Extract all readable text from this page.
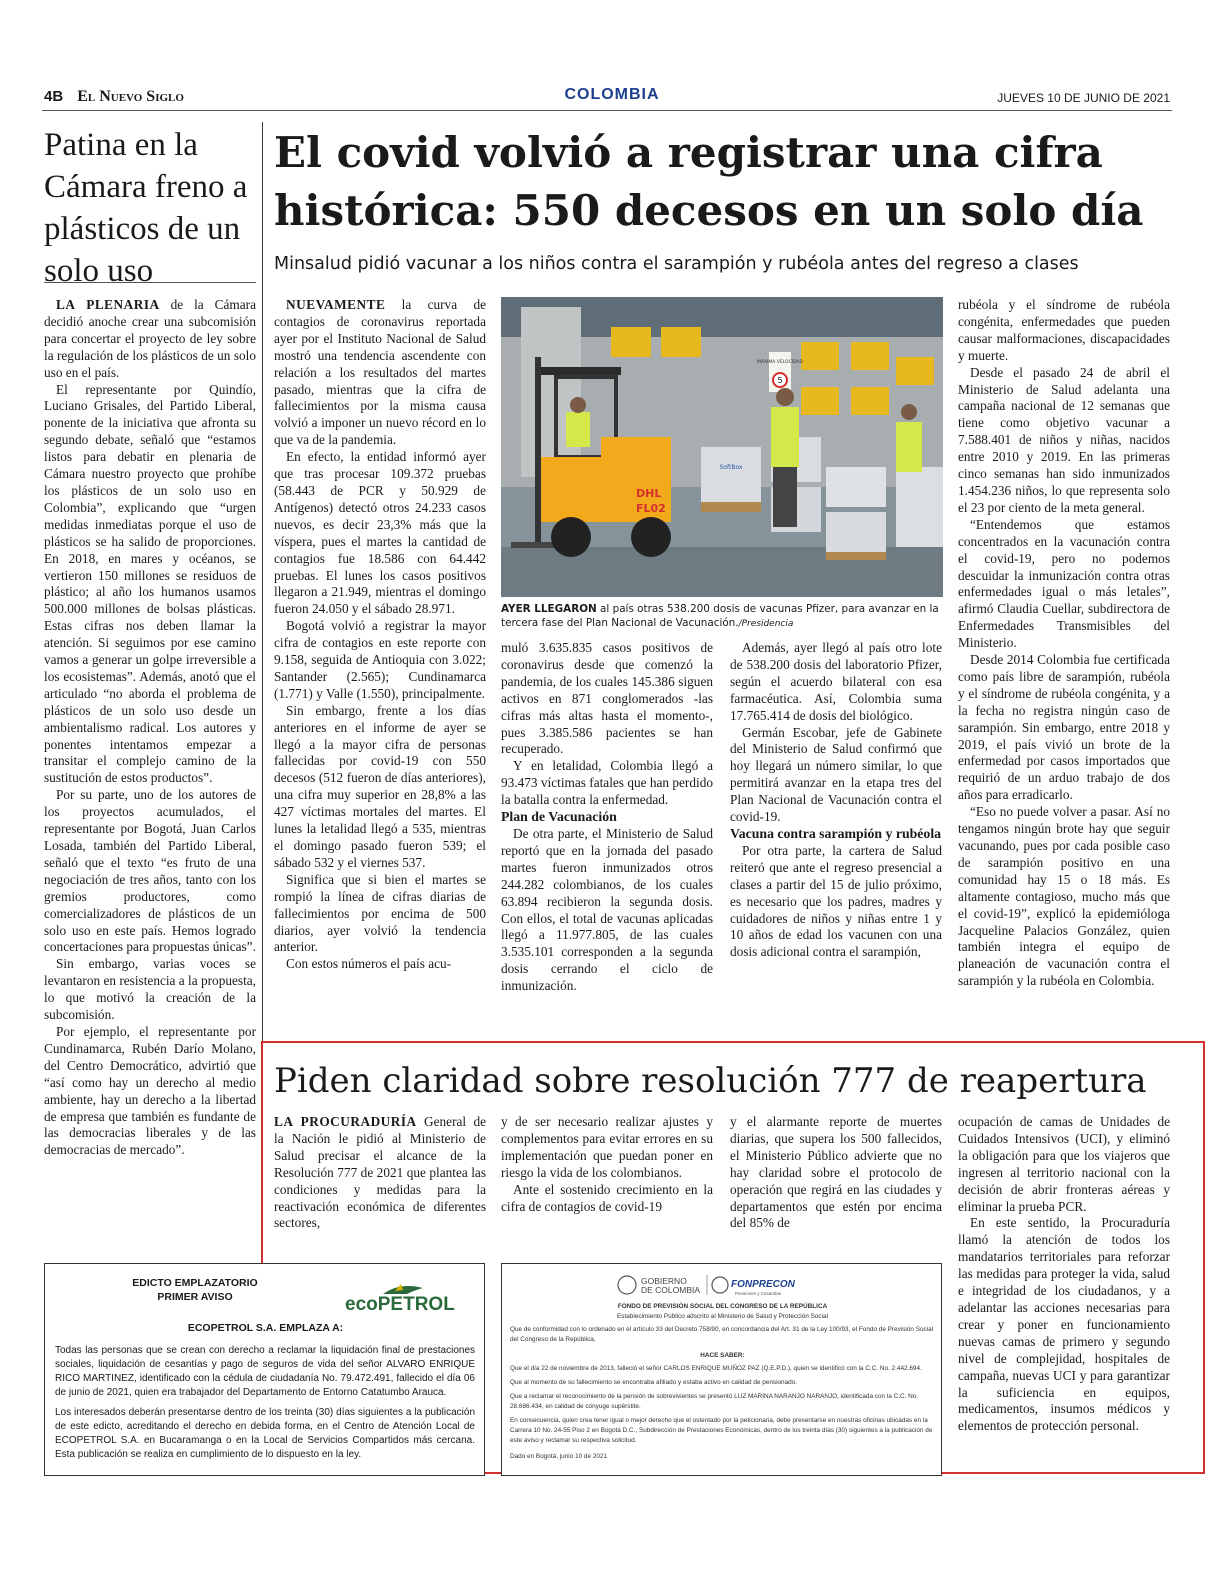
4B El Nuevo Siglo	COLOMBIA	JUEVES 10 DE JUNIO DE 2021
Patina en la Cámara freno a plásticos de un solo uso

LA PLENARIA de la Cámara decidió anoche crear una subcomisión para concertar el proyecto de ley sobre la regulación de los plásticos de un solo uso en el país.

El representante por Quindío, Luciano Grisales, del Partido Liberal, ponente de la iniciativa que afronta su segundo debate, señaló que “estamos listos para debatir en plenaria de Cámara nuestro proyecto que prohíbe los plásticos de un solo uso en Colombia”, explicando que “urgen medidas inmediatas porque el uso de plásticos se ha salido de proporciones. En 2018, en mares y océanos, se vertieron 150 millones se residuos de plástico; al año los humanos usamos 500.000 millones de bolsas plásticas. Estas cifras nos deben llamar la atención. Si seguimos por ese camino vamos a generar un golpe irreversible a los ecosistemas”. Además, anotó que el articulado “no aborda el problema de plásticos de un solo uso desde un ambientalismo radical. Los autores y ponentes intentamos empezar a transitar el complejo camino de la sustitución de estos productos”.

Por su parte, uno de los autores de los proyectos acumulados, el representante por Bogotá, Juan Carlos Losada, también del Partido Liberal, señaló que el texto “es fruto de una negociación de tres años, tanto con los gremios productores, como comercializadores de plásticos de un solo uso en este país. Hemos logrado concertaciones para propuestas únicas”.

Sin embargo, varias voces se levantaron en resistencia a la propuesta, lo que motivó la creación de la subcomisión.

Por ejemplo, el representante por Cundinamarca, Rubén Darío Molano, del Centro Democrático, advirtió que “así como hay un derecho al medio ambiente, hay un derecho a la libertad de empresa que también es fundante de las democracias liberales y de las democracias de mercado”.

El covid volvió a registrar una cifra histórica: 550 decesos en un solo día
Minsalud pidió vacunar a los niños contra el sarampión y rubéola antes del regreso a clases

NUEVAMENTE la curva de contagios de coronavirus reportada ayer por el Instituto Nacional de Salud mostró una tendencia ascendente con relación a los resultados del martes pasado, mientras que la cifra de fallecimientos por la misma causa volvió a imponer un nuevo récord en lo que va de la pandemia.

En efecto, la entidad informó ayer que tras procesar 109.372 pruebas (58.443 de PCR y 50.929 de Antígenos) detectó otros 24.233 casos nuevos, es decir 23,3% más que la víspera, pues el martes la cantidad de contagios fue 18.586 con 64.442 pruebas. El lunes los casos positivos llegaron a 21.949, mientras el domingo fueron 24.050 y el sábado 28.971.

Bogotá volvió a registrar la mayor cifra de contagios en este reporte con 9.158, seguida de Antioquia con 3.022; Santander (2.565); Cundinamarca (1.771) y Valle (1.550), principalmente.

Sin embargo, frente a los días anteriores en el informe de ayer se llegó a la mayor cifra de personas fallecidas por covid-19 con 550 decesos (512 fueron de días anteriores), una cifra muy superior en 28,8% a las 427 víctimas mortales del martes. El lunes la letalidad llegó a 535, mientras el domingo pasado fueron 539; el sábado 532 y el viernes 537.

Significa que si bien el martes se rompió la línea de cifras diarias de fallecimientos por encima de 500 diarios, ayer volvió la tendencia anterior.

Con estos números el país acu-

MÁXIMA VELOCIDAD
5
SoftBox
DHL
FL02
AYER LLEGARON al país otras 538.200 dosis de vacunas Pfizer, para avanzar en la tercera fase del Plan Nacional de Vacunación./Presidencia

muló 3.635.835 casos positivos de coronavirus desde que comenzó la pandemia, de los cuales 145.386 siguen activos en 871 conglomerados -las cifras más altas hasta el momento-, pues 3.385.586 pacientes se han recuperado.

Y en letalidad, Colombia llegó a 93.473 víctimas fatales que han perdido la batalla contra la enfermedad.

Plan de Vacunación

De otra parte, el Ministerio de Salud reportó que en la jornada del pasado martes fueron inmunizados otros 244.282 colombianos, de los cuales 63.894 recibieron la segunda dosis. Con ellos, el total de vacunas aplicadas llegó a 11.977.805, de las cuales 3.535.101 corresponden a la segunda dosis cerrando el ciclo de inmunización.

Además, ayer llegó al país otro lote de 538.200 dosis del laboratorio Pfizer, según el acuerdo bilateral con esa farmacéutica. Así, Colombia suma 17.765.414 de dosis del biológico.

Germán Escobar, jefe de Gabinete del Ministerio de Salud confirmó que hoy llegará un número similar, lo que permitirá avanzar en la etapa tres del Plan Nacional de Vacunación contra el covid-19.

Vacuna contra sarampión y rubéola

Por otra parte, la cartera de Salud reiteró que ante el regreso presencial a clases a partir del 15 de julio próximo, es necesario que los padres, madres y cuidadores de niños y niñas entre 1 y 10 años de edad los vacunen con una dosis adicional contra el sarampión,

rubéola y el síndrome de rubéola congénita, enfermedades que pueden causar malformaciones, discapacidades y muerte.

Desde el pasado 24 de abril el Ministerio de Salud adelanta una campaña nacional de 12 semanas que tiene como objetivo vacunar a 7.588.401 de niños y niñas, nacidos entre 2010 y 2019. En las primeras cinco semanas han sido inmunizados 1.454.236 niños, lo que representa solo el 23 por ciento de la meta general.

“Entendemos que estamos concentrados en la vacunación contra el covid-19, pero no podemos descuidar la inmunización contra otras enfermedades igual o más letales”, afirmó Claudia Cuellar, subdirectora de Enfermedades Transmisibles del Ministerio.

Desde 2014 Colombia fue certificada como país libre de sarampión, rubéola y el síndrome de rubéola congénita, y a la fecha no registra ningún caso de sarampión. Sin embargo, entre 2018 y 2019, el país vivió un brote de la enfermedad por casos importados que requirió de un arduo trabajo de dos años para erradicarlo.

“Eso no puede volver a pasar. Así no tengamos ningún brote hay que seguir vacunando, pues por cada posible caso de sarampión positivo en una comunidad hay 15 o 18 más. Es altamente contagioso, mucho más que el covid-19”, explicó la epidemióloga Jacqueline Palacios González, quien también integra el equipo de planeación de vacunación contra el sarampión y la rubéola en Colombia.

Piden claridad sobre resolución 777 de reapertura

LA PROCURADURÍA General de la Nación le pidió al Ministerio de Salud precisar el alcance de la Resolución 777 de 2021 que plantea las condiciones y medidas para la reactivación económica de diferentes sectores,

y de ser necesario realizar ajustes y complementos para evitar errores en su implementación que puedan poner en riesgo la vida de los colombianos.

Ante el sostenido crecimiento en la cifra de contagios de covid-19

y el alarmante reporte de muertes diarias, que supera los 500 fallecidos, el Ministerio Público advierte que no hay claridad sobre el protocolo de operación que regirá en las ciudades y departamentos que estén por encima del 85% de

ocupación de camas de Unidades de Cuidados Intensivos (UCI), y eliminó la obligación para que los viajeros que ingresen al territorio nacional con la decisión de abrir fronteras aéreas y eliminar la prueba PCR.

En este sentido, la Procuraduría llamó la atención de todos los mandatarios territoriales para reforzar las medidas para proteger la vida, salud e integridad de los ciudadanos, y a adelantar las acciones necesarias para crear y poner en funcionamiento nuevas camas de primero y segundo nivel de complejidad, hospitales de campaña, nuevas UCI y para garantizar la suficiencia en equipos, medicamentos, insumos médicos y elementos de protección personal.

EDICTO EMPLAZATORIO
PRIMER AVISO	ecoPETROL
ECOPETROL S.A. EMPLAZA A:

Todas las personas que se crean con derecho a reclamar la liquidación final de prestaciones sociales, liquidación de cesantías y pago de seguros de vida del señor ALVARO ENRIQUE RICO MARTINEZ, identificado con la cédula de ciudadanía No. 79.472.491, fallecido el día 06 de junio de 2021, quien era trabajador del Departamento de Entorno Catatumbo Arauca.

Los interesados deberán presentarse dentro de los treinta (30) días siguientes a la publicación de este edicto, acreditando el derecho en debida forma, en el Centro de Atención Local de ECOPETROL S.A. en Bucaramanga o en la Local de Servicios Compartidos más cercana. Esta publicación se realiza en cumplimiento de lo dispuesto en la ley.

GOBIERNO
DE COLOMBIA	FONPRECON
Pensiones y Cesantías

FONDO DE PREVISIÓN SOCIAL DEL CONGRESO DE LA REPÚBLICA

Establecimiento Público adscrito al Ministerio de Salud y Protección Social

Que de conformidad con lo ordenado en el artículo 33 del Decreto 758/90, en concordancia del Art. 31 de la Ley 100/93, el Fondo de Previsión Social del Congreso de la República,

HACE SABER:

Que el día 22 de noviembre de 2013, falleció el señor CARLOS ENRIQUE MUÑOZ PAZ (Q.E.P.D.), quien se identificó con la C.C. No. 2.442.694.

Que al momento de su fallecimiento se encontraba afiliado y estaba activo en calidad de pensionado.

Que a reclamar el reconocimiento de la pensión de sobrevivientes se presentó LUZ MARINA NARANJO NARANJO, identificada con la C.C. No. 28.686.434, en calidad de cónyuge supérstite.

En consecuencia, quien crea tener igual o mejor derecho que el ostentado por la peticionaria, debe presentarse en nuestras oficinas ubicadas en la Carrera 10 No. 24-55 Piso 2 en Bogotá D.C., Subdirección de Prestaciones Económicas, dentro de los treinta días (30) siguientes a la publicación de este aviso y reclamar su respectiva solicitud.

Dado en Bogotá, junio 10 de 2021
